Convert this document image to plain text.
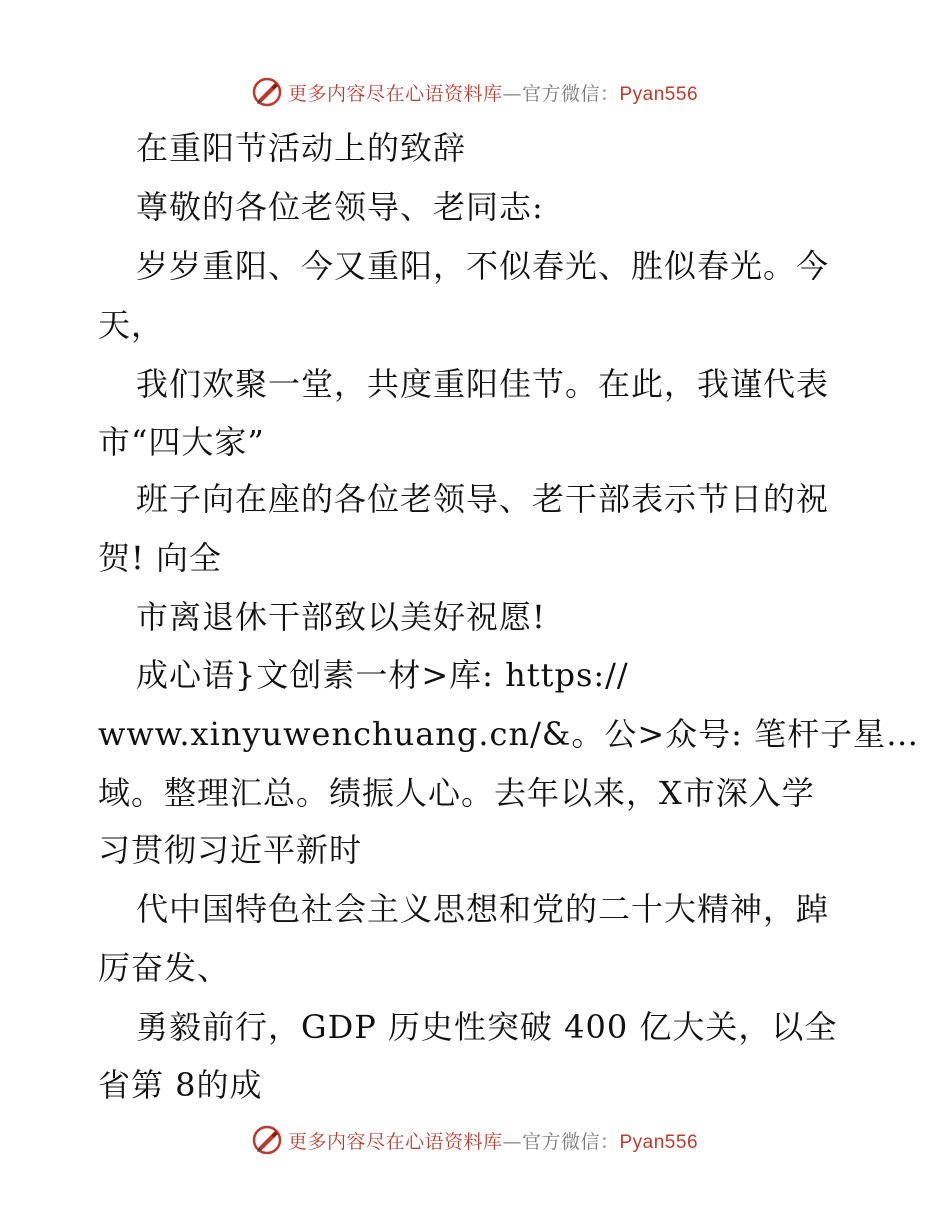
更多内容尽在心语资料库—官方微信：Pyan556
在重阳节活动上的致辞
尊敬的各位老领导、老同志:
岁岁重阳、今又重阳，不似春光、胜似春光。今
天，
我们欢聚一堂，共度重阳佳节。在此，我谨代表
市“四大家”
班子向在座的各位老领导、老干部表示节日的祝
贺! 向全
市离退休干部致以美好祝愿!
成心语}文创素一材>库: https://
www.xinyuwenchuang.cn/&。公>众号: 笔杆子星…
域。整理汇总。绩振人心。去年以来，X市深入学
习贯彻习近平新时
代中国特色社会主义思想和党的二十大精神，踔
厉奋发、
勇毅前行，GDP 历史性突破 400 亿大关，以全
省第 8的成
更多内容尽在心语资料库—官方微信：Pyan556
